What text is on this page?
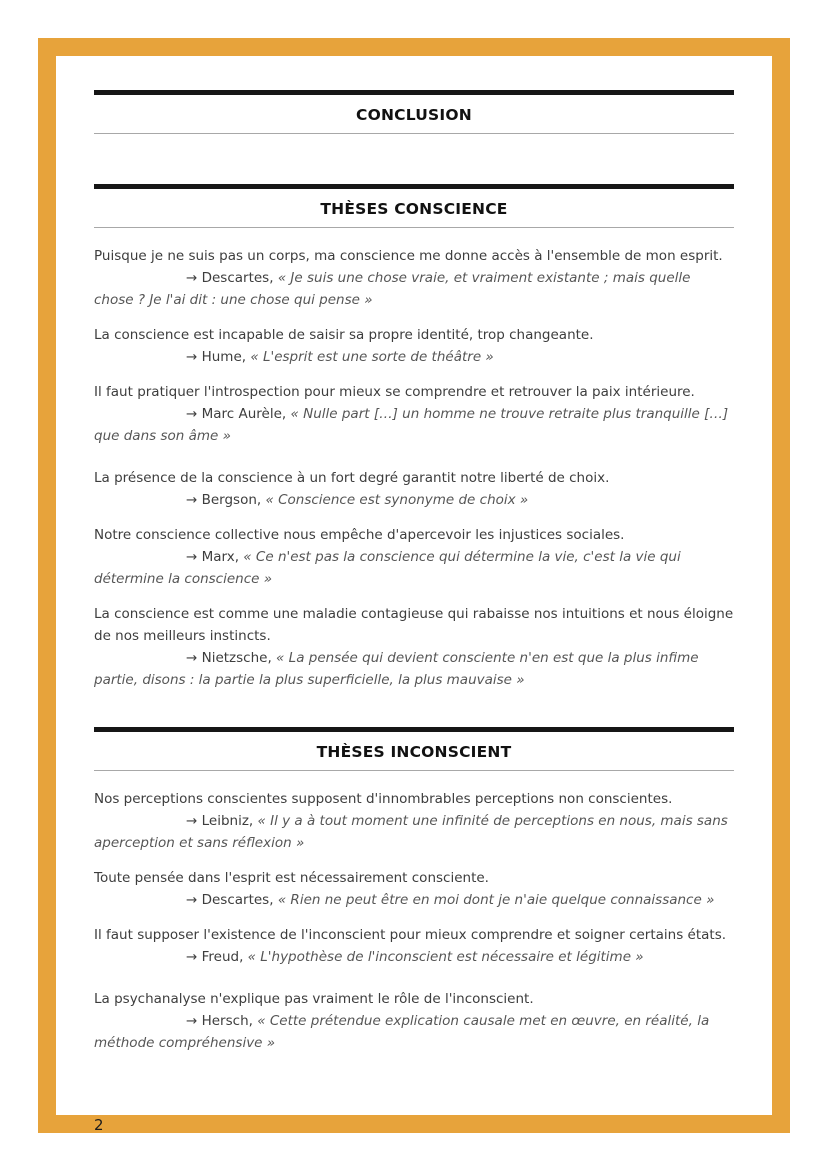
CONCLUSION
THÈSES CONSCIENCE

Puisque je ne suis pas un corps, ma conscience me donne accès à l'ensemble de mon esprit.

→ Descartes, « Je suis une chose vraie, et vraiment existante ; mais quelle chose ? Je l'ai dit : une chose qui pense »

La conscience est incapable de saisir sa propre identité, trop changeante.

→ Hume, « L'esprit est une sorte de théâtre »

Il faut pratiquer l'introspection pour mieux se comprendre et retrouver la paix intérieure.

→ Marc Aurèle, « Nulle part […] un homme ne trouve retraite plus tranquille […] que dans son âme »

La présence de la conscience à un fort degré garantit notre liberté de choix.

→ Bergson, « Conscience est synonyme de choix »

Notre conscience collective nous empêche d'apercevoir les injustices sociales.

→ Marx, « Ce n'est pas la conscience qui détermine la vie, c'est la vie qui détermine la conscience »

La conscience est comme une maladie contagieuse qui rabaisse nos intuitions et nous éloigne de nos meilleurs instincts.

→ Nietzsche, « La pensée qui devient consciente n'en est que la plus infime partie, disons : la partie la plus superficielle, la plus mauvaise »

THÈSES INCONSCIENT

Nos perceptions conscientes supposent d'innombrables perceptions non conscientes.

→ Leibniz, « Il y a à tout moment une infinité de perceptions en nous, mais sans aperception et sans réflexion »

Toute pensée dans l'esprit est nécessairement consciente.

→ Descartes, « Rien ne peut être en moi dont je n'aie quelque connaissance »

Il faut supposer l'existence de l'inconscient pour mieux comprendre et soigner certains états.

→ Freud, « L'hypothèse de l'inconscient est nécessaire et légitime »

La psychanalyse n'explique pas vraiment le rôle de l'inconscient.

→ Hersch, « Cette prétendue explication causale met en œuvre, en réalité, la méthode compréhensive »

2
